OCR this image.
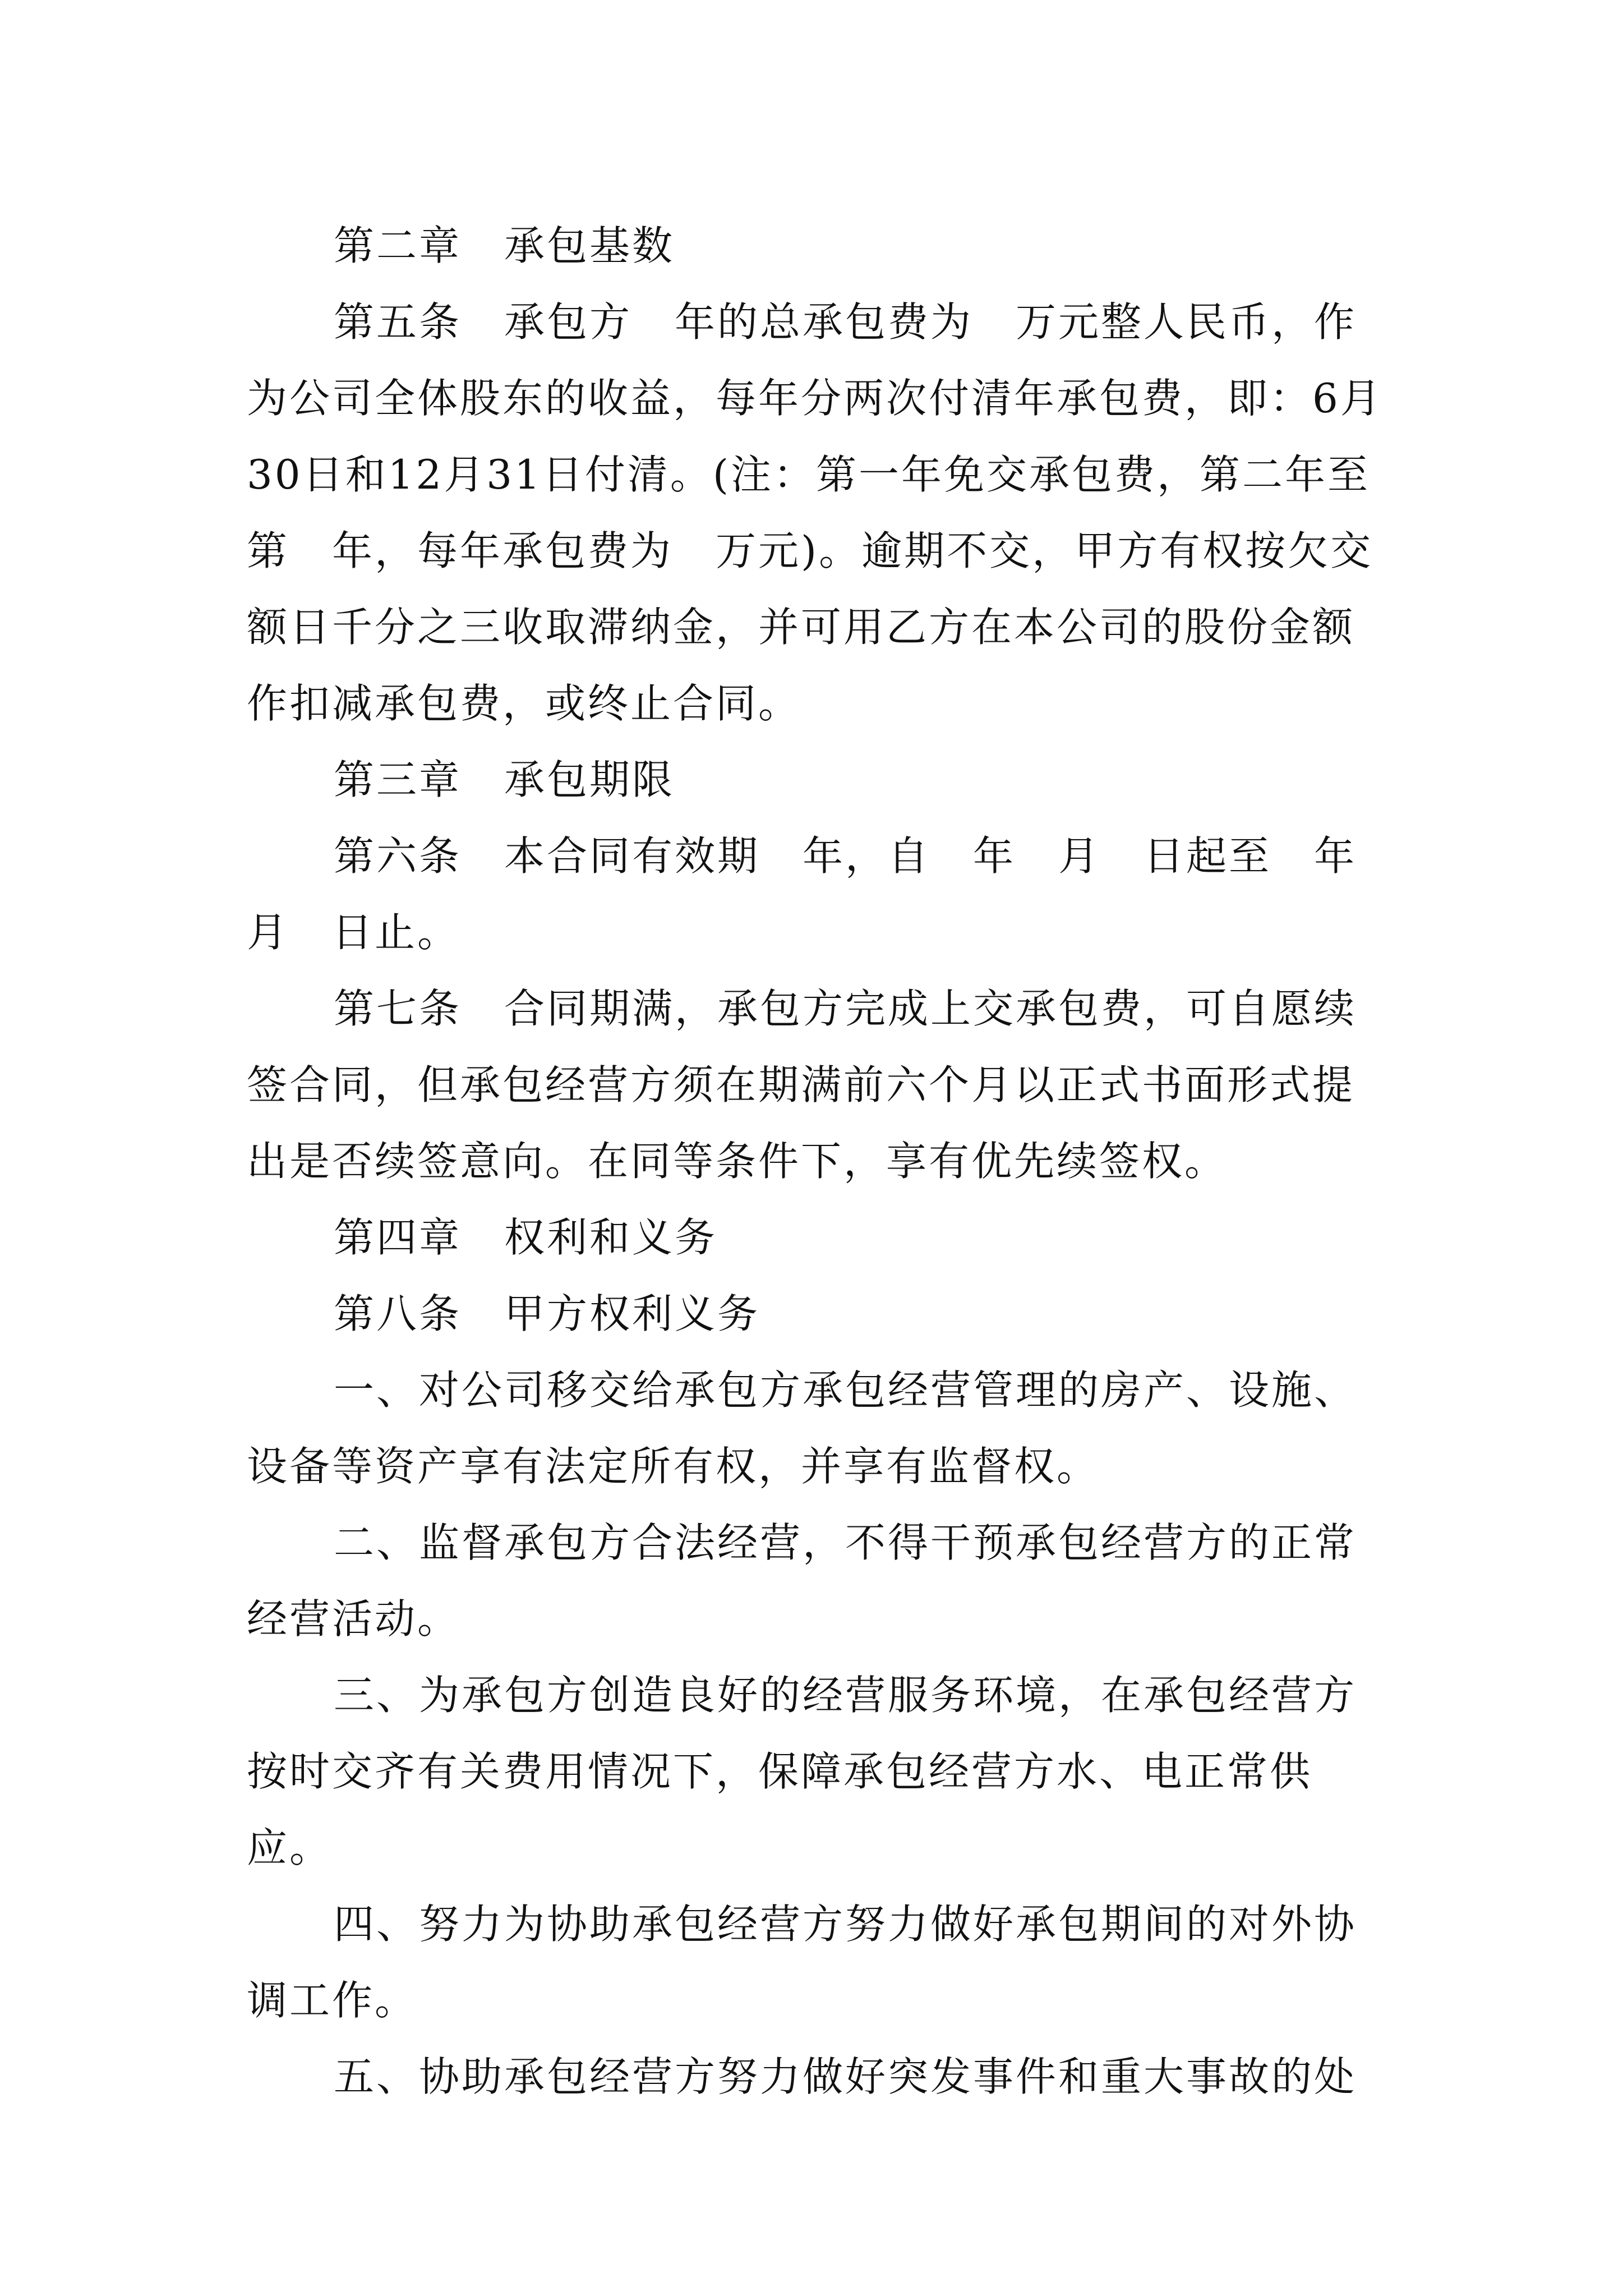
第二章　承包基数

第五条　承包方　年的总承包费为　万元整人民币，作为公司全体股东的收益，每年分两次付清年承包费，即：6月30日和12月31日付清。(注：第一年免交承包费，第二年至第　年，每年承包费为　万元)。逾期不交，甲方有权按欠交额日千分之三收取滞纳金，并可用乙方在本公司的股份金额作扣减承包费，或终止合同。

第三章　承包期限

第六条　本合同有效期　年，自　年　月　日起至　年　月　日止。

第七条　合同期满，承包方完成上交承包费，可自愿续签合同，但承包经营方须在期满前六个月以正式书面形式提出是否续签意向。在同等条件下，享有优先续签权。

第四章　权利和义务

第八条　甲方权利义务

一、对公司移交给承包方承包经营管理的房产、设施、设备等资产享有法定所有权，并享有监督权。

二、监督承包方合法经营，不得干预承包经营方的正常经营活动。

三、为承包方创造良好的经营服务环境，在承包经营方按时交齐有关费用情况下，保障承包经营方水、电正常供应。

四、努力为协助承包经营方努力做好承包期间的对外协调工作。

五、协助承包经营方努力做好突发事件和重大事故的处
